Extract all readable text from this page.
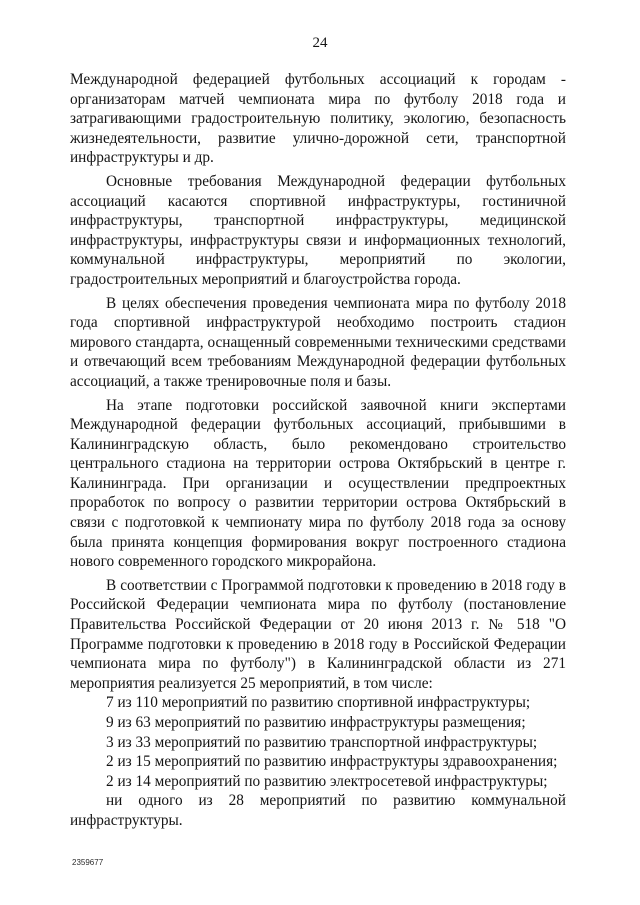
24

Международной федерацией футбольных ассоциаций к городам - организаторам матчей чемпионата мира по футболу 2018 года и затрагивающими градостроительную политику, экологию, безопасность жизнедеятельности, развитие улично-дорожной сети, транспортной инфраструктуры и др.

Основные требования Международной федерации футбольных ассоциаций касаются спортивной инфраструктуры, гостиничной инфраструктуры, транспортной инфраструктуры, медицинской инфраструктуры, инфраструктуры связи и информационных технологий, коммунальной инфраструктуры, мероприятий по экологии, градостроительных мероприятий и благоустройства города.

В целях обеспечения проведения чемпионата мира по футболу 2018 года спортивной инфраструктурой необходимо построить стадион мирового стандарта, оснащенный современными техническими средствами и отвечающий всем требованиям Международной федерации футбольных ассоциаций, а также тренировочные поля и базы.

На этапе подготовки российской заявочной книги экспертами Международной федерации футбольных ассоциаций, прибывшими в Калининградскую область, было рекомендовано строительство центрального стадиона на территории острова Октябрьский в центре г. Калининграда. При организации и осуществлении предпроектных проработок по вопросу о развитии территории острова Октябрьский в связи с подготовкой к чемпионату мира по футболу 2018 года за основу была принята концепция формирования вокруг построенного стадиона нового современного городского микрорайона.

В соответствии с Программой подготовки к проведению в 2018 году в Российской Федерации чемпионата мира по футболу (постановление Правительства Российской Федерации от 20 июня 2013 г. № 518 "О Программе подготовки к проведению в 2018 году в Российской Федерации чемпионата мира по футболу") в Калининградской области из 271 мероприятия реализуется 25 мероприятий, в том числе:

7 из 110 мероприятий по развитию спортивной инфраструктуры;

9 из 63 мероприятий по развитию инфраструктуры размещения;

3 из 33 мероприятий по развитию транспортной инфраструктуры;

2 из 15 мероприятий по развитию инфраструктуры здравоохранения;

2 из 14 мероприятий по развитию электросетевой инфраструктуры;

ни одного из 28 мероприятий по развитию коммунальной инфраструктуры.

2359677
